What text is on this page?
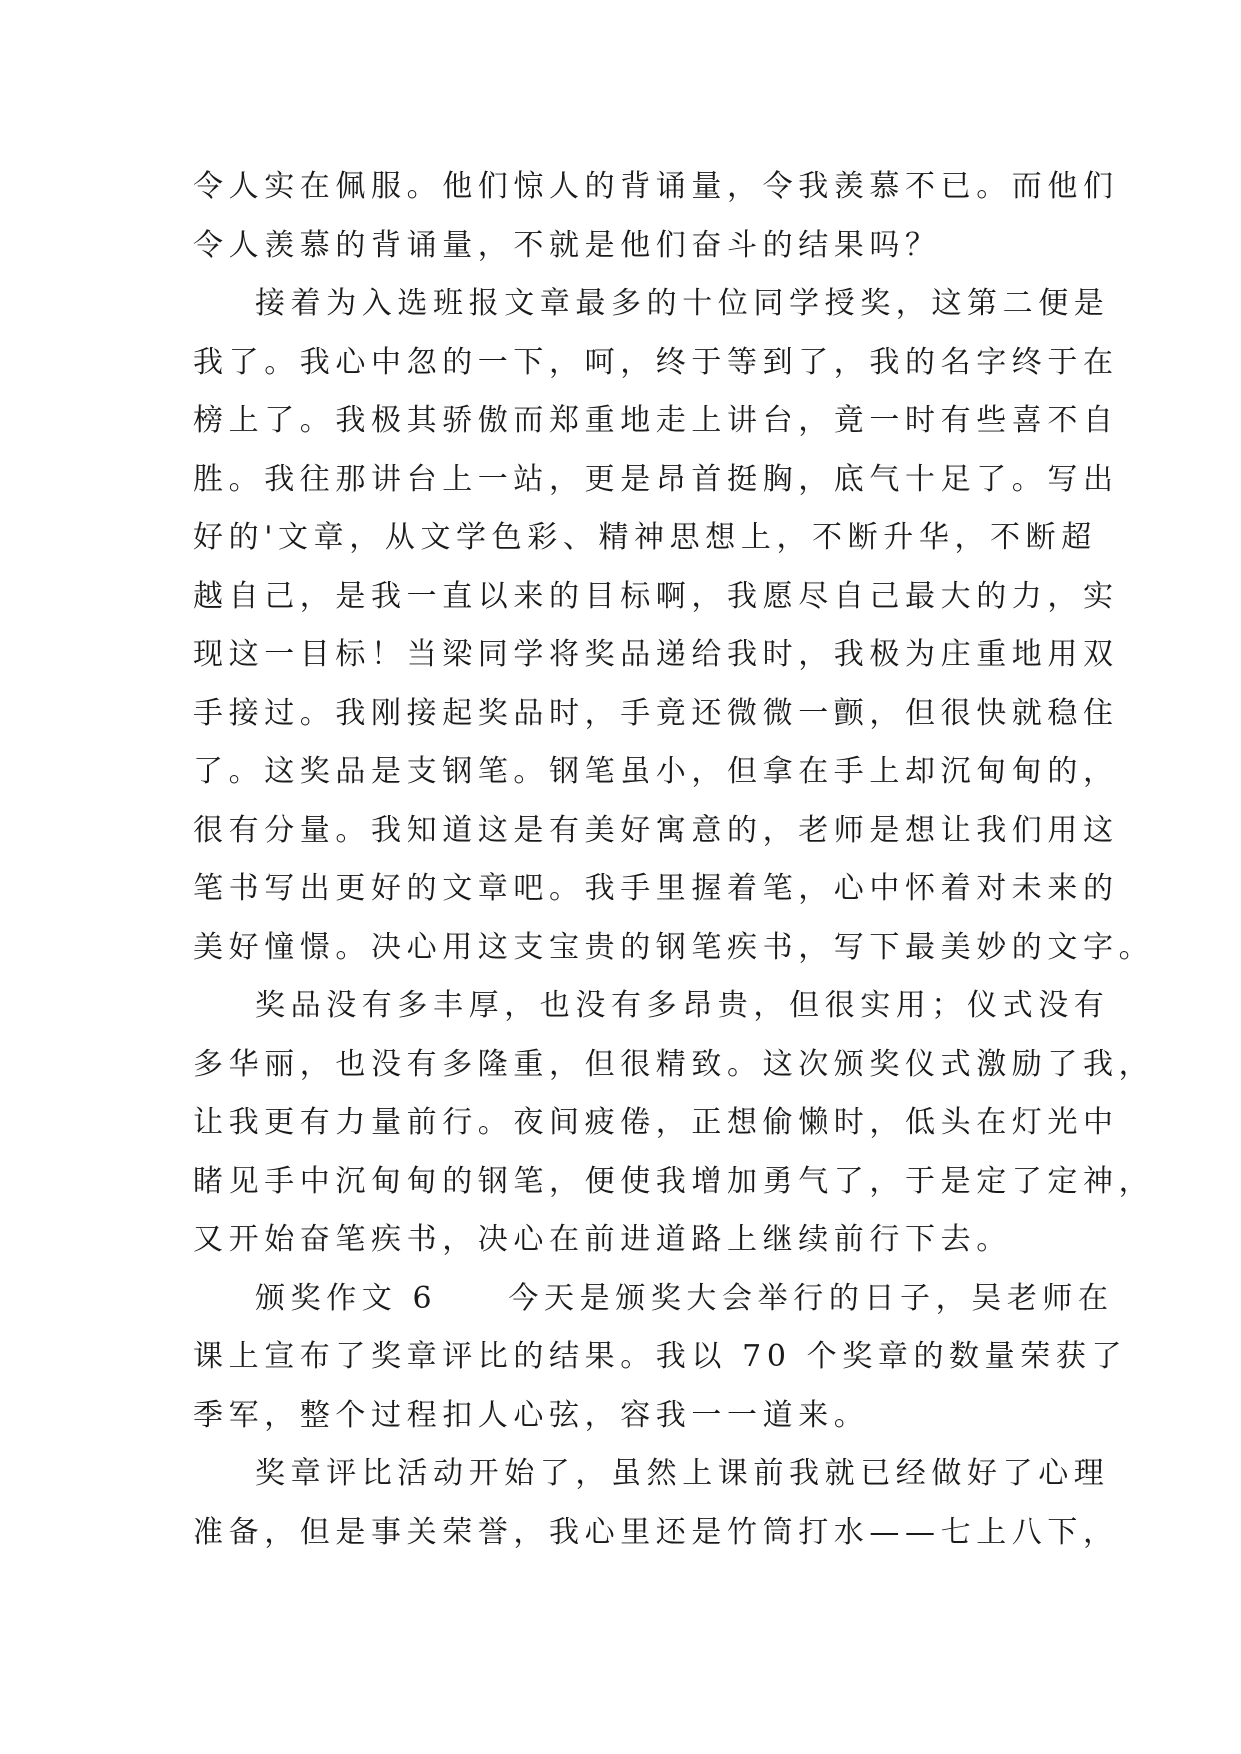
令人实在佩服。他们惊人的背诵量，令我羡慕不已。而他们
令人羡慕的背诵量，不就是他们奋斗的结果吗？
接着为入选班报文章最多的十位同学授奖，这第二便是
我了。我心中忽的一下，呵，终于等到了，我的名字终于在
榜上了。我极其骄傲而郑重地走上讲台，竟一时有些喜不自
胜。我往那讲台上一站，更是昂首挺胸，底气十足了。写出
好的'文章，从文学色彩、精神思想上，不断升华，不断超
越自己，是我一直以来的目标啊，我愿尽自己最大的力，实
现这一目标！当梁同学将奖品递给我时，我极为庄重地用双
手接过。我刚接起奖品时，手竟还微微一颤，但很快就稳住
了。这奖品是支钢笔。钢笔虽小，但拿在手上却沉甸甸的，
很有分量。我知道这是有美好寓意的，老师是想让我们用这
笔书写出更好的文章吧。我手里握着笔，心中怀着对未来的
美好憧憬。决心用这支宝贵的钢笔疾书，写下最美妙的文字。
奖品没有多丰厚，也没有多昂贵，但很实用；仪式没有
多华丽，也没有多隆重，但很精致。这次颁奖仪式激励了我，
让我更有力量前行。夜间疲倦，正想偷懒时，低头在灯光中
睹见手中沉甸甸的钢笔，便使我增加勇气了，于是定了定神，
又开始奋笔疾书，决心在前进道路上继续前行下去。
颁奖作文 6　　今天是颁奖大会举行的日子，吴老师在
课上宣布了奖章评比的结果。我以 70 个奖章的数量荣获了
季军，整个过程扣人心弦，容我一一道来。
奖章评比活动开始了，虽然上课前我就已经做好了心理
准备，但是事关荣誉，我心里还是竹筒打水——七上八下，
